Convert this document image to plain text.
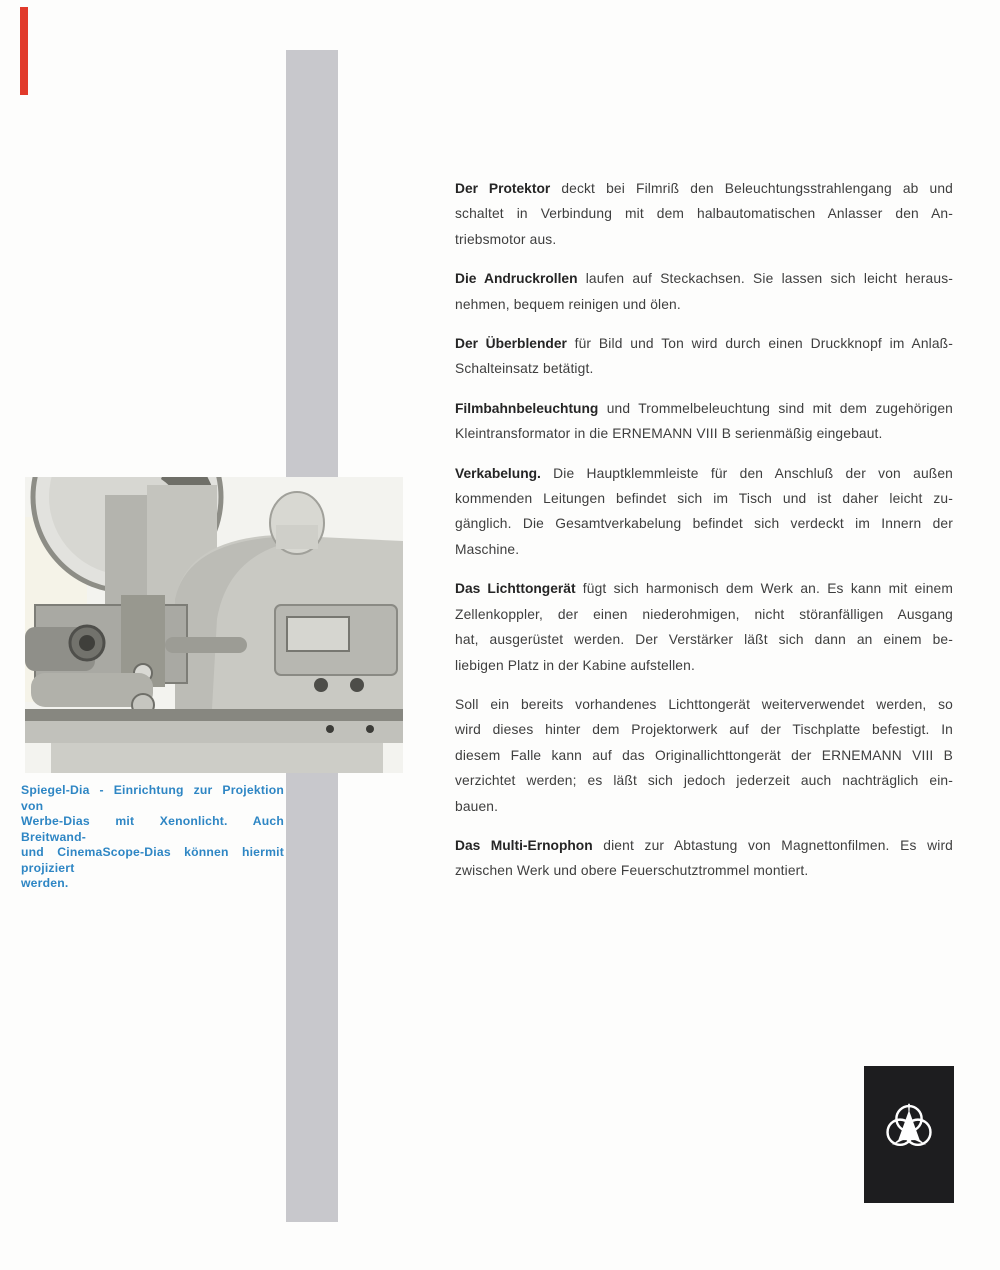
Spiegel-Dia - Einrichtung zur Projektion von
Werbe-Dias mit Xenonlicht. Auch Breitwand-
und CinemaScope-Dias können hiermit projiziert
werden.
Der Protektor deckt bei Filmriß den Beleuchtungsstrahlengang ab und
schaltet in Verbindung mit dem halbautomatischen Anlasser den An-
triebsmotor aus.
Die Andruckrollen laufen auf Steckachsen. Sie lassen sich leicht heraus-
nehmen, bequem reinigen und ölen.
Der Überblender für Bild und Ton wird durch einen Druckknopf im Anlaß-
Schalteinsatz betätigt.
Filmbahnbeleuchtung und Trommelbeleuchtung sind mit dem zugehörigen
Kleintransformator in die ERNEMANN VIII B serienmäßig eingebaut.
Verkabelung. Die Hauptklemmleiste für den Anschluß der von außen
kommenden Leitungen befindet sich im Tisch und ist daher leicht zu-
gänglich. Die Gesamtverkabelung befindet sich verdeckt im Innern der
Maschine.
Das Lichttongerät fügt sich harmonisch dem Werk an. Es kann mit einem
Zellenkoppler, der einen niederohmigen, nicht störanfälligen Ausgang
hat, ausgerüstet werden. Der Verstärker läßt sich dann an einem be-
liebigen Platz in der Kabine aufstellen.
Soll ein bereits vorhandenes Lichttongerät weiterverwendet werden, so
wird dieses hinter dem Projektorwerk auf der Tischplatte befestigt. In
diesem Falle kann auf das Originallichttongerät der ERNEMANN VIII B
verzichtet werden; es läßt sich jedoch jederzeit auch nachträglich ein-
bauen.
Das Multi-Ernophon dient zur Abtastung von Magnettonfilmen. Es wird
zwischen Werk und obere Feuerschutztrommel montiert.
